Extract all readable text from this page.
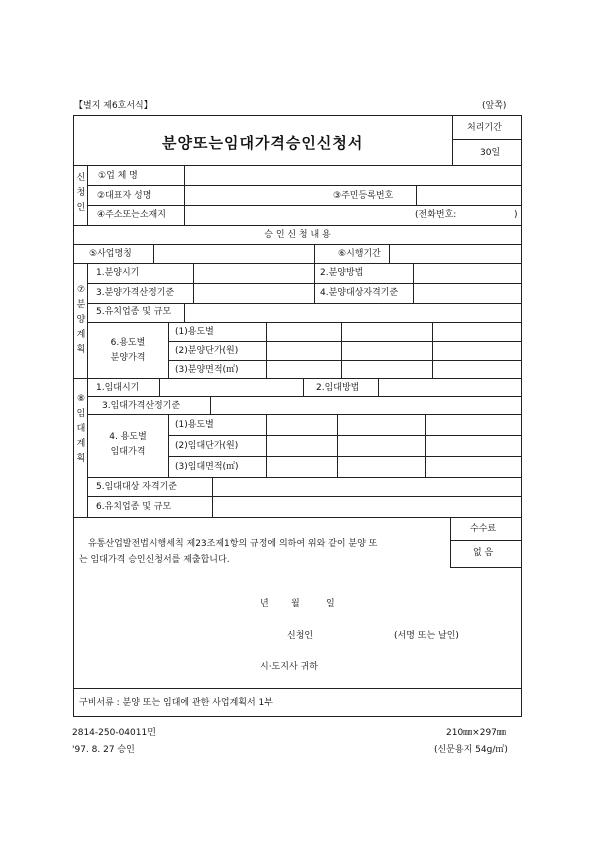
【별지 제6호서식】	(앞쪽)
분양또는임대가격승인신청서
처리기간
30일
신청인
①업 체 명
②대표자 성명	③주민등록번호
④주소또는소재지	(전화번호:	)
승 인 신 청 내 용
⑤사업명칭	⑥시행기간
⑦분양계획
1.분양시기	2.분양방법
3.분양가격산정기준	4.분양대상자격기준
5.유치업종 및 규모
6.용도별
분양가격
(1)용도별
(2)분양단가(원)
(3)분양면적(㎡)
⑧임대계획
1.임대시기	2.임대방법
3.임대가격산정기준
4. 용도별
임대가격
(1)용도별
(2)임대단가(원)
(3)임대면적(㎡)
5.임대대상 자격기준
6.유치업종 및 규모
수수료
없 음
유통산업발전법시행세칙 제23조제1항의 규정에 의하여 위와 같이 분양 또
는 임대가격 승인신청서를 제출합니다.
년 월	일
신청인	(서명 또는 날인)
시·도지사 귀하
구비서류 : 분양 또는 임대에 관한 사업계획서 1부
2814-250-04011민
'97. 8. 27 승인
210㎜×297㎜
(신문용지 54g/㎡)
